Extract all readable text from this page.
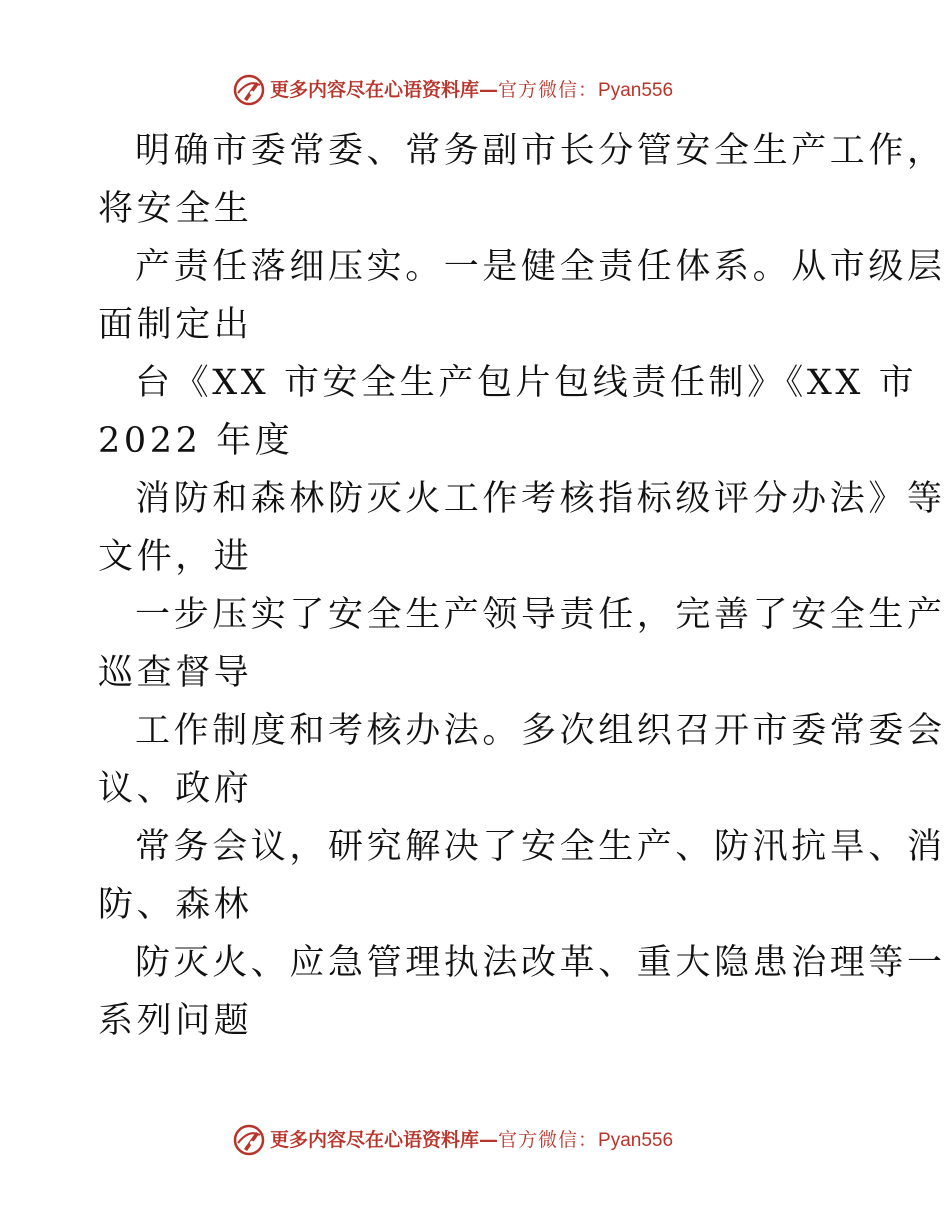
更多内容尽在心语资料库—官方微信：Pyan556
明确市委常委、常务副市长分管安全生产工作，
将安全生
产责任落细压实。一是健全责任体系。从市级层
面制定出
台《XX 市安全生产包片包线责任制》《XX 市
2022 年度
消防和森林防灭火工作考核指标级评分办法》等
文件，进
一步压实了安全生产领导责任，完善了安全生产
巡查督导
工作制度和考核办法。多次组织召开市委常委会
议、政府
常务会议，研究解决了安全生产、防汛抗旱、消
防、森林
防灭火、应急管理执法改革、重大隐患治理等一
系列问题
更多内容尽在心语资料库—官方微信：Pyan556
